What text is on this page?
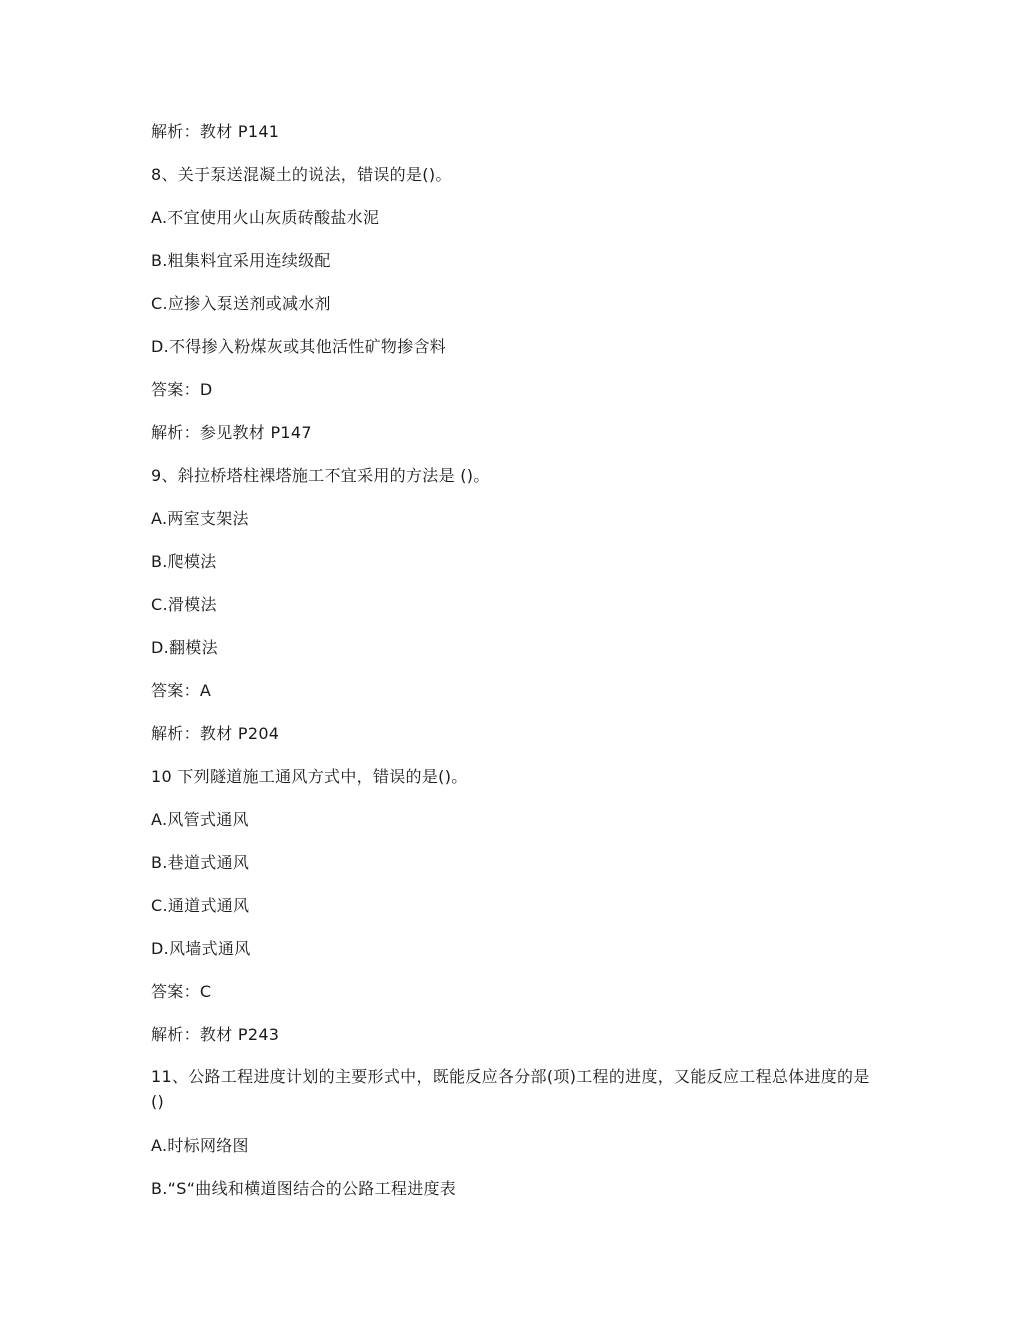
解析：教材 P141
8、关于泵送混凝土的说法，错误的是()。
A.不宜使用火山灰质砖酸盐水泥
B.粗集料宜采用连续级配
C.应掺入泵送剂或减水剂
D.不得掺入粉煤灰或其他活性矿物掺含料
答案：D
解析：参见教材 P147
9、斜拉桥塔柱裸塔施工不宜采用的方法是 ()。
A.两室支架法
B.爬模法
C.滑模法
D.翻模法
答案：A
解析：教材 P204
10 下列隧道施工通风方式中，错误的是()。
A.风管式通风
B.巷道式通风
C.通道式通风
D.风墙式通风
答案：C
解析：教材 P243
11、公路工程进度计划的主要形式中，既能反应各分部(项)工程的进度，又能反应工程总体进度的是()
A.时标网络图
B.“S“曲线和横道图结合的公路工程进度表
